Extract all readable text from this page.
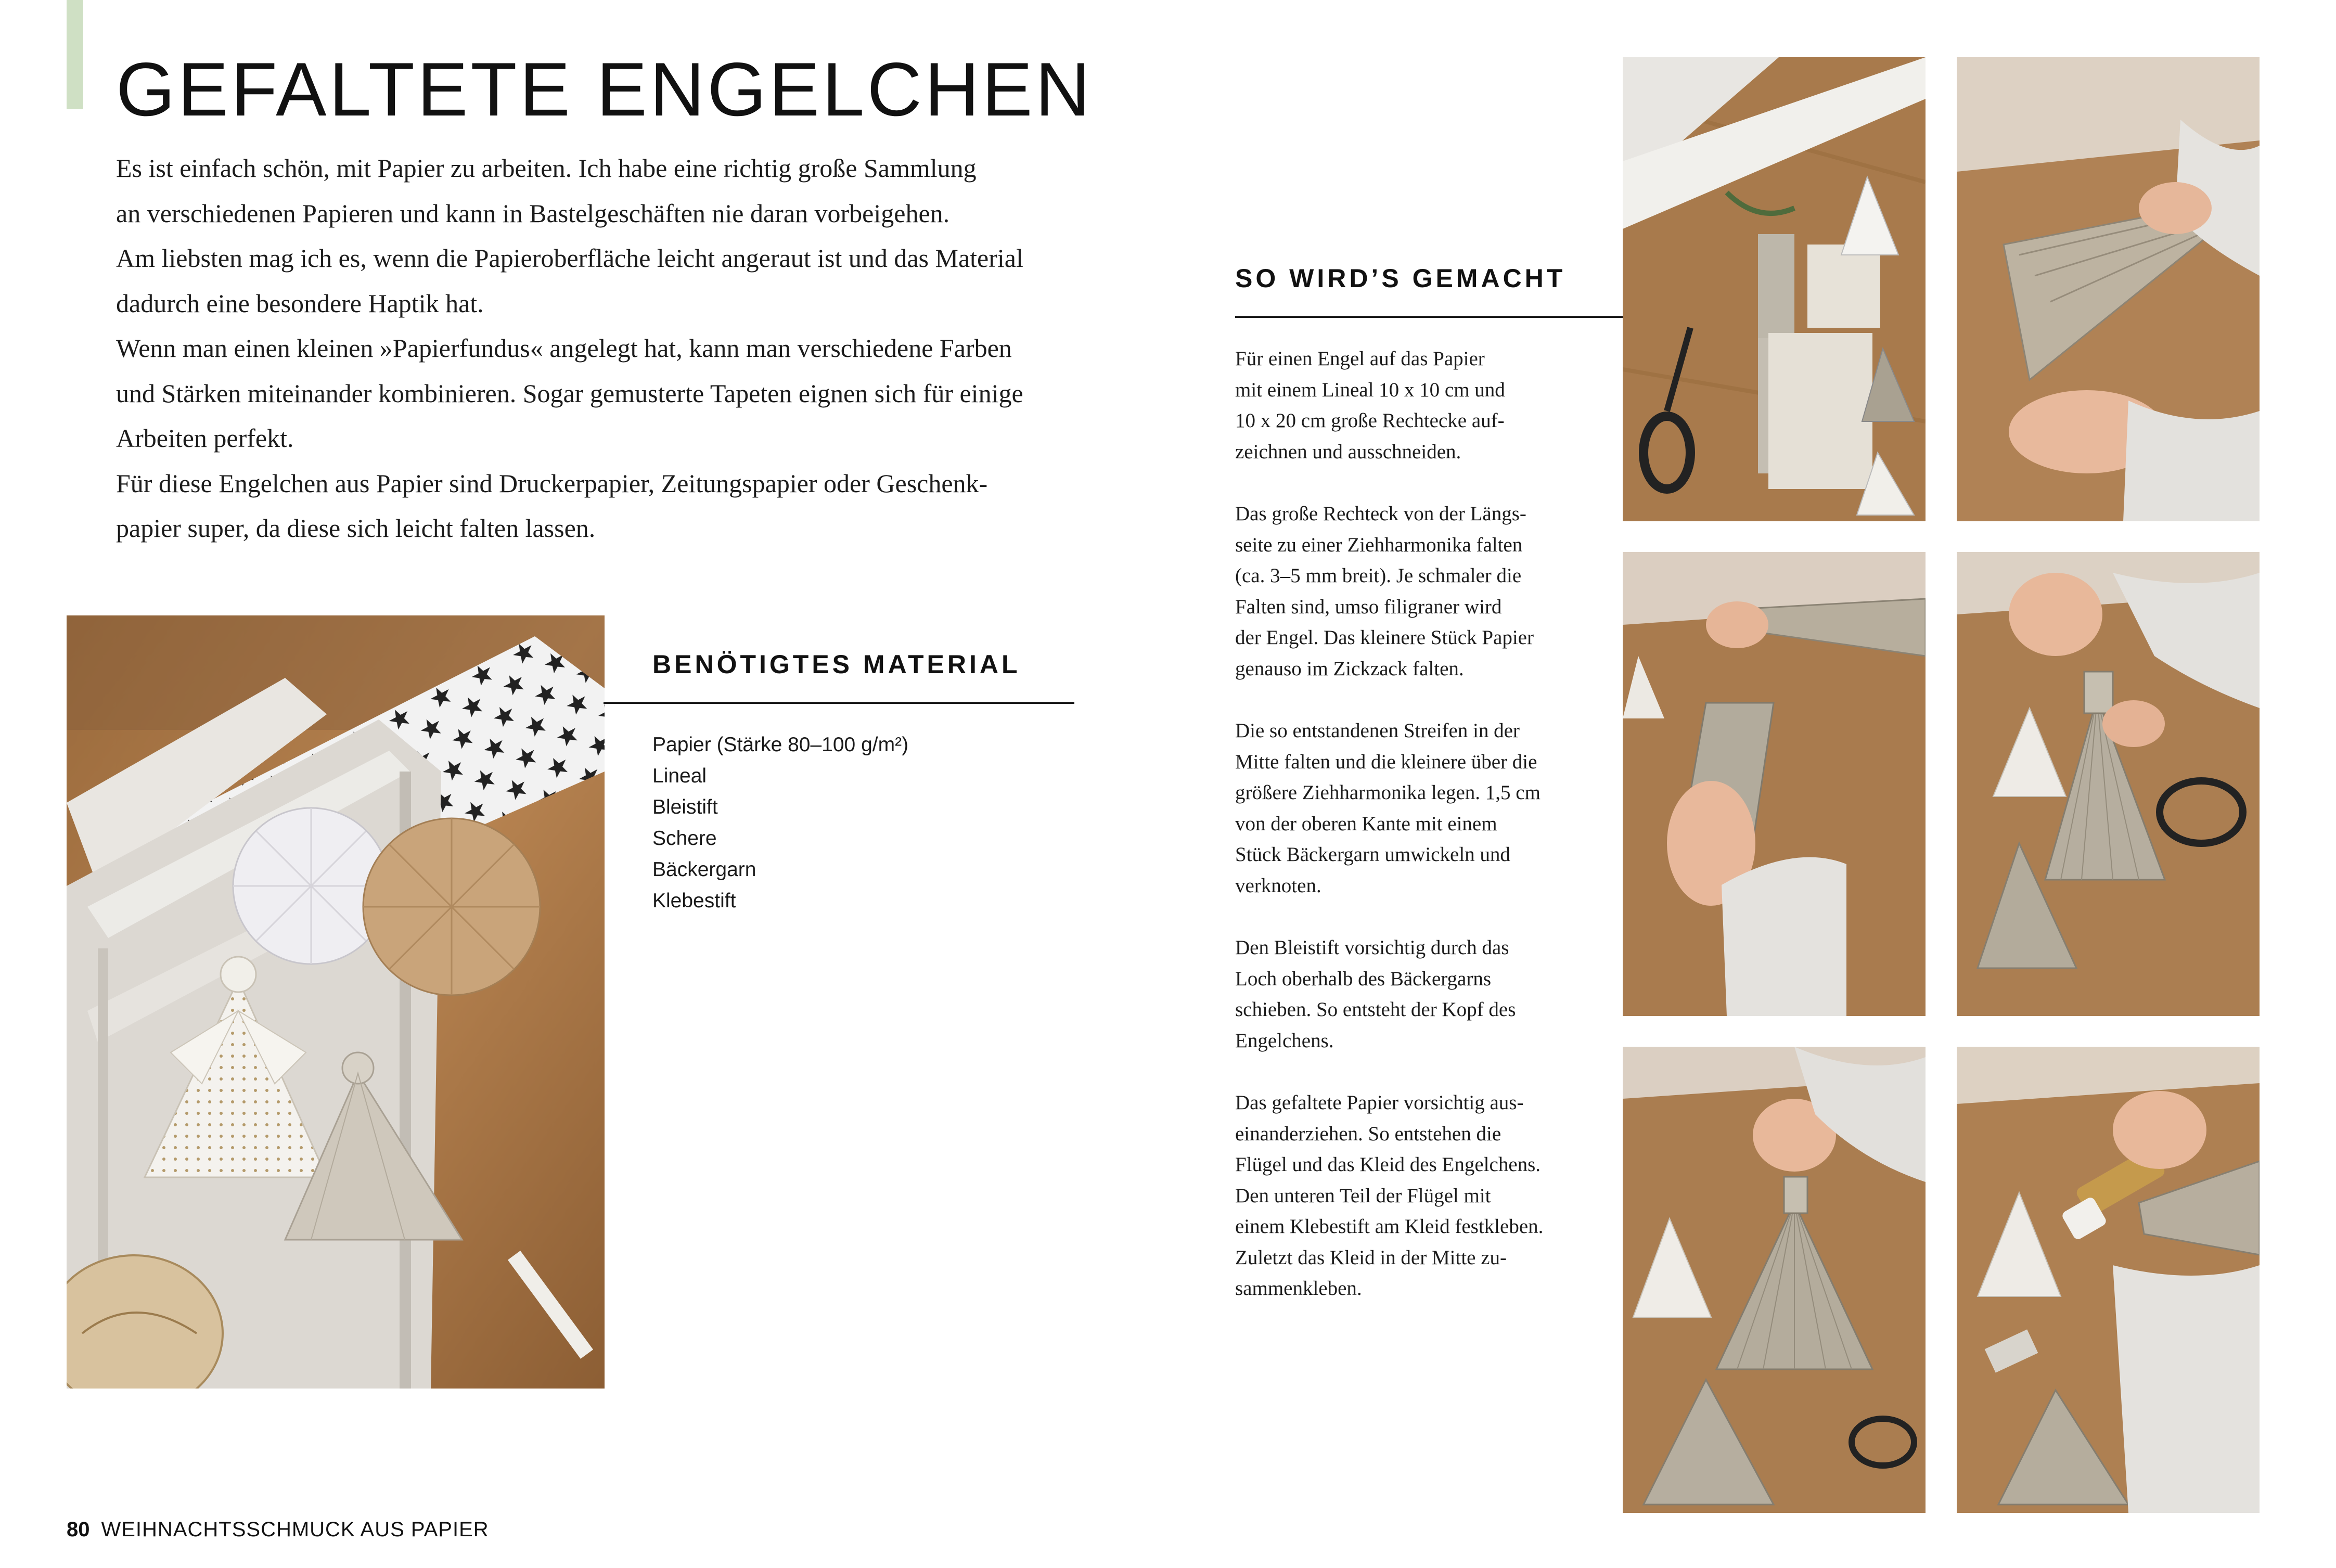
GEFALTETE ENGELCHEN

Es ist einfach schön, mit Papier zu arbeiten. Ich habe eine richtig große Sammlung

an verschiedenen Papieren und kann in Bastelgeschäften nie daran vorbeigehen.

Am liebsten mag ich es, wenn die Papieroberfläche leicht angeraut ist und das Material

dadurch eine besondere Haptik hat.

Wenn man einen kleinen »Papierfundus« angelegt hat, kann man verschiedene Farben

und Stärken miteinander kombinieren. Sogar gemusterte Tapeten eignen sich für einige

Arbeiten perfekt.

Für diese Engelchen aus Papier sind Druckerpapier, Zeitungspapier oder Geschenk-

papier super, da diese sich leicht falten lassen.

BENÖTIGTES MATERIAL
Papier (Stärke 80–100 g/m²)
Lineal
Bleistift
Schere
Bäckergarn
Klebestift
SO WIRD’S GEMACHT

Für einen Engel auf das Papier

mit einem Lineal 10 x 10 cm und

10 x 20 cm große Rechtecke auf-

zeichnen und ausschneiden.

Das große Rechteck von der Längs-

seite zu einer Ziehharmonika falten

(ca. 3–5 mm breit). Je schmaler die

Falten sind, umso filigraner wird

der Engel. Das kleinere Stück Papier

genauso im Zickzack falten.

Die so entstandenen Streifen in der

Mitte falten und die kleinere über die

größere Ziehharmonika legen. 1,5 cm

von der oberen Kante mit einem

Stück Bäckergarn umwickeln und

verknoten.

Den Bleistift vorsichtig durch das

Loch oberhalb des Bäckergarns

schieben. So entsteht der Kopf des

Engelchens.

Das gefaltete Papier vorsichtig aus-

einanderziehen. So entstehen die

Flügel und das Kleid des Engelchens.

Den unteren Teil der Flügel mit

einem Klebestift am Kleid festkleben.

Zuletzt das Kleid in der Mitte zu-

sammenkleben.

80 WEIHNACHTSSCHMUCK AUS PAPIER
